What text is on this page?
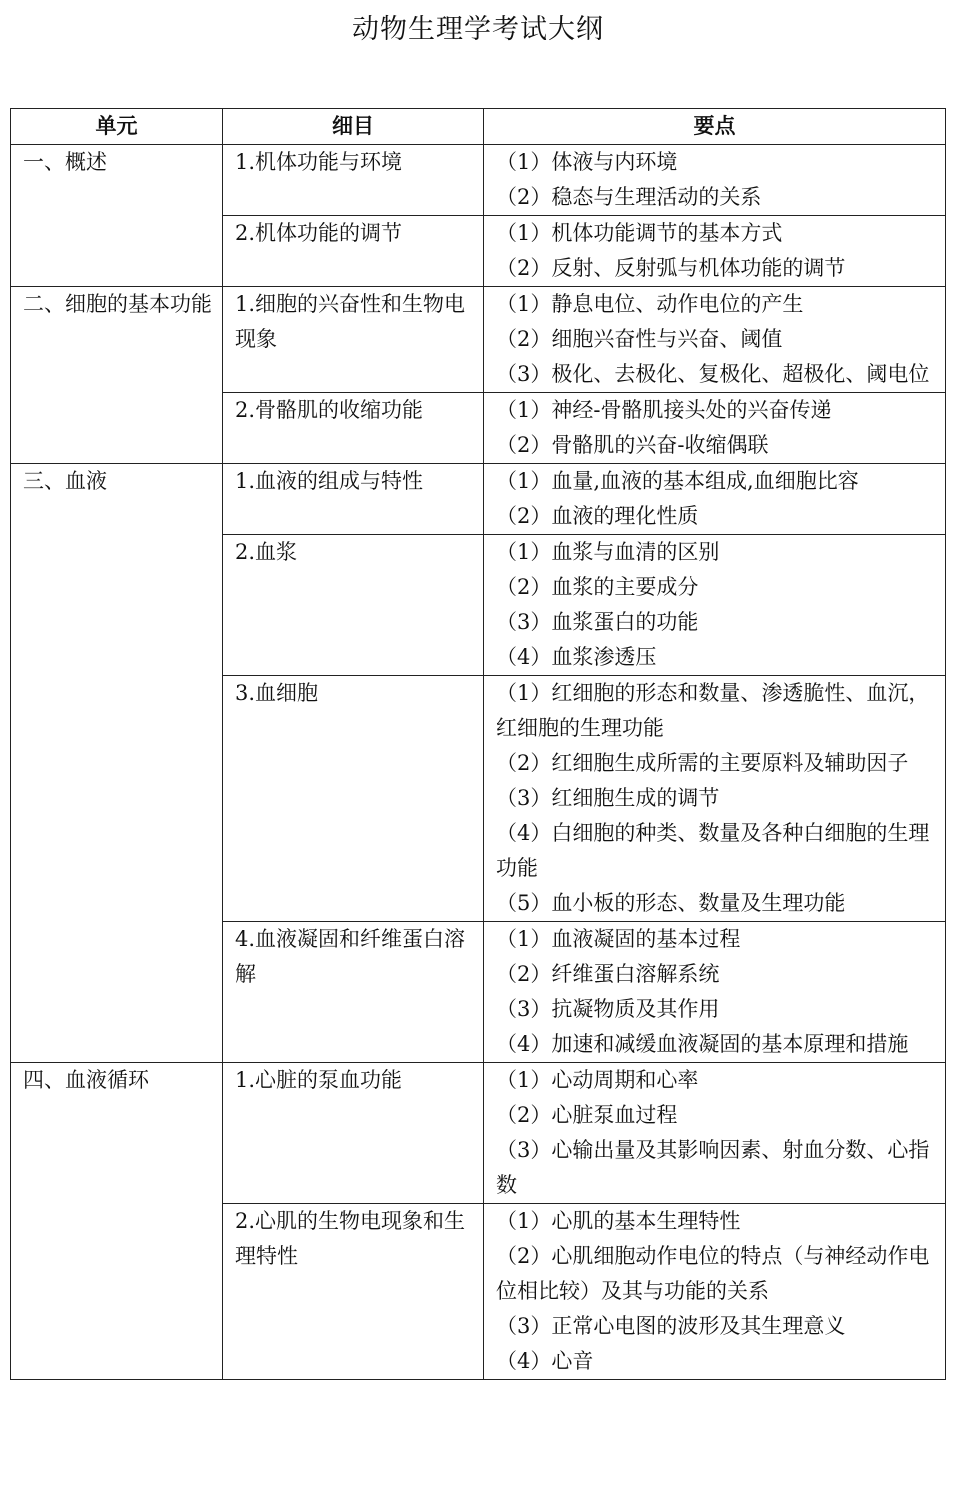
动物生理学考试大纲
单元	细目	要点
一、概述	1.机体功能与环境	（1）体液与内环境
（2）稳态与生理活动的关系

	2.机体功能的调节	（1）机体功能调节的基本方式
（2）反射、反射弧与机体功能的调节

二、细胞的基本功能	1.细胞的兴奋性和生物电现象	（1）静息电位、动作电位的产生
（2）细胞兴奋性与兴奋、阈值
（3）极化、去极化、复极化、超极化、阈电位

	2.骨骼肌的收缩功能	（1）神经-骨骼肌接头处的兴奋传递
（2）骨骼肌的兴奋-收缩偶联

三、血液	1.血液的组成与特性	（1）血量,血液的基本组成,血细胞比容
（2）血液的理化性质

	2.血浆	（1）血浆与血清的区别
（2）血浆的主要成分
（3）血浆蛋白的功能
（4）血浆渗透压

	3.血细胞	（1）红细胞的形态和数量、渗透脆性、血沉，红细胞的生理功能
（2）红细胞生成所需的主要原料及辅助因子
（3）红细胞生成的调节
（4）白细胞的种类、数量及各种白细胞的生理功能
（5）血小板的形态、数量及生理功能

	4.血液凝固和纤维蛋白溶解	（1）血液凝固的基本过程
（2）纤维蛋白溶解系统
（3）抗凝物质及其作用
（4）加速和减缓血液凝固的基本原理和措施

四、血液循环	1.心脏的泵血功能	（1）心动周期和心率
（2）心脏泵血过程
（3）心输出量及其影响因素、射血分数、心指数

	2.心肌的生物电现象和生理特性	（1）心肌的基本生理特性
（2）心肌细胞动作电位的特点（与神经动作电位相比较）及其与功能的关系
（3）正常心电图的波形及其生理意义
（4）心音
